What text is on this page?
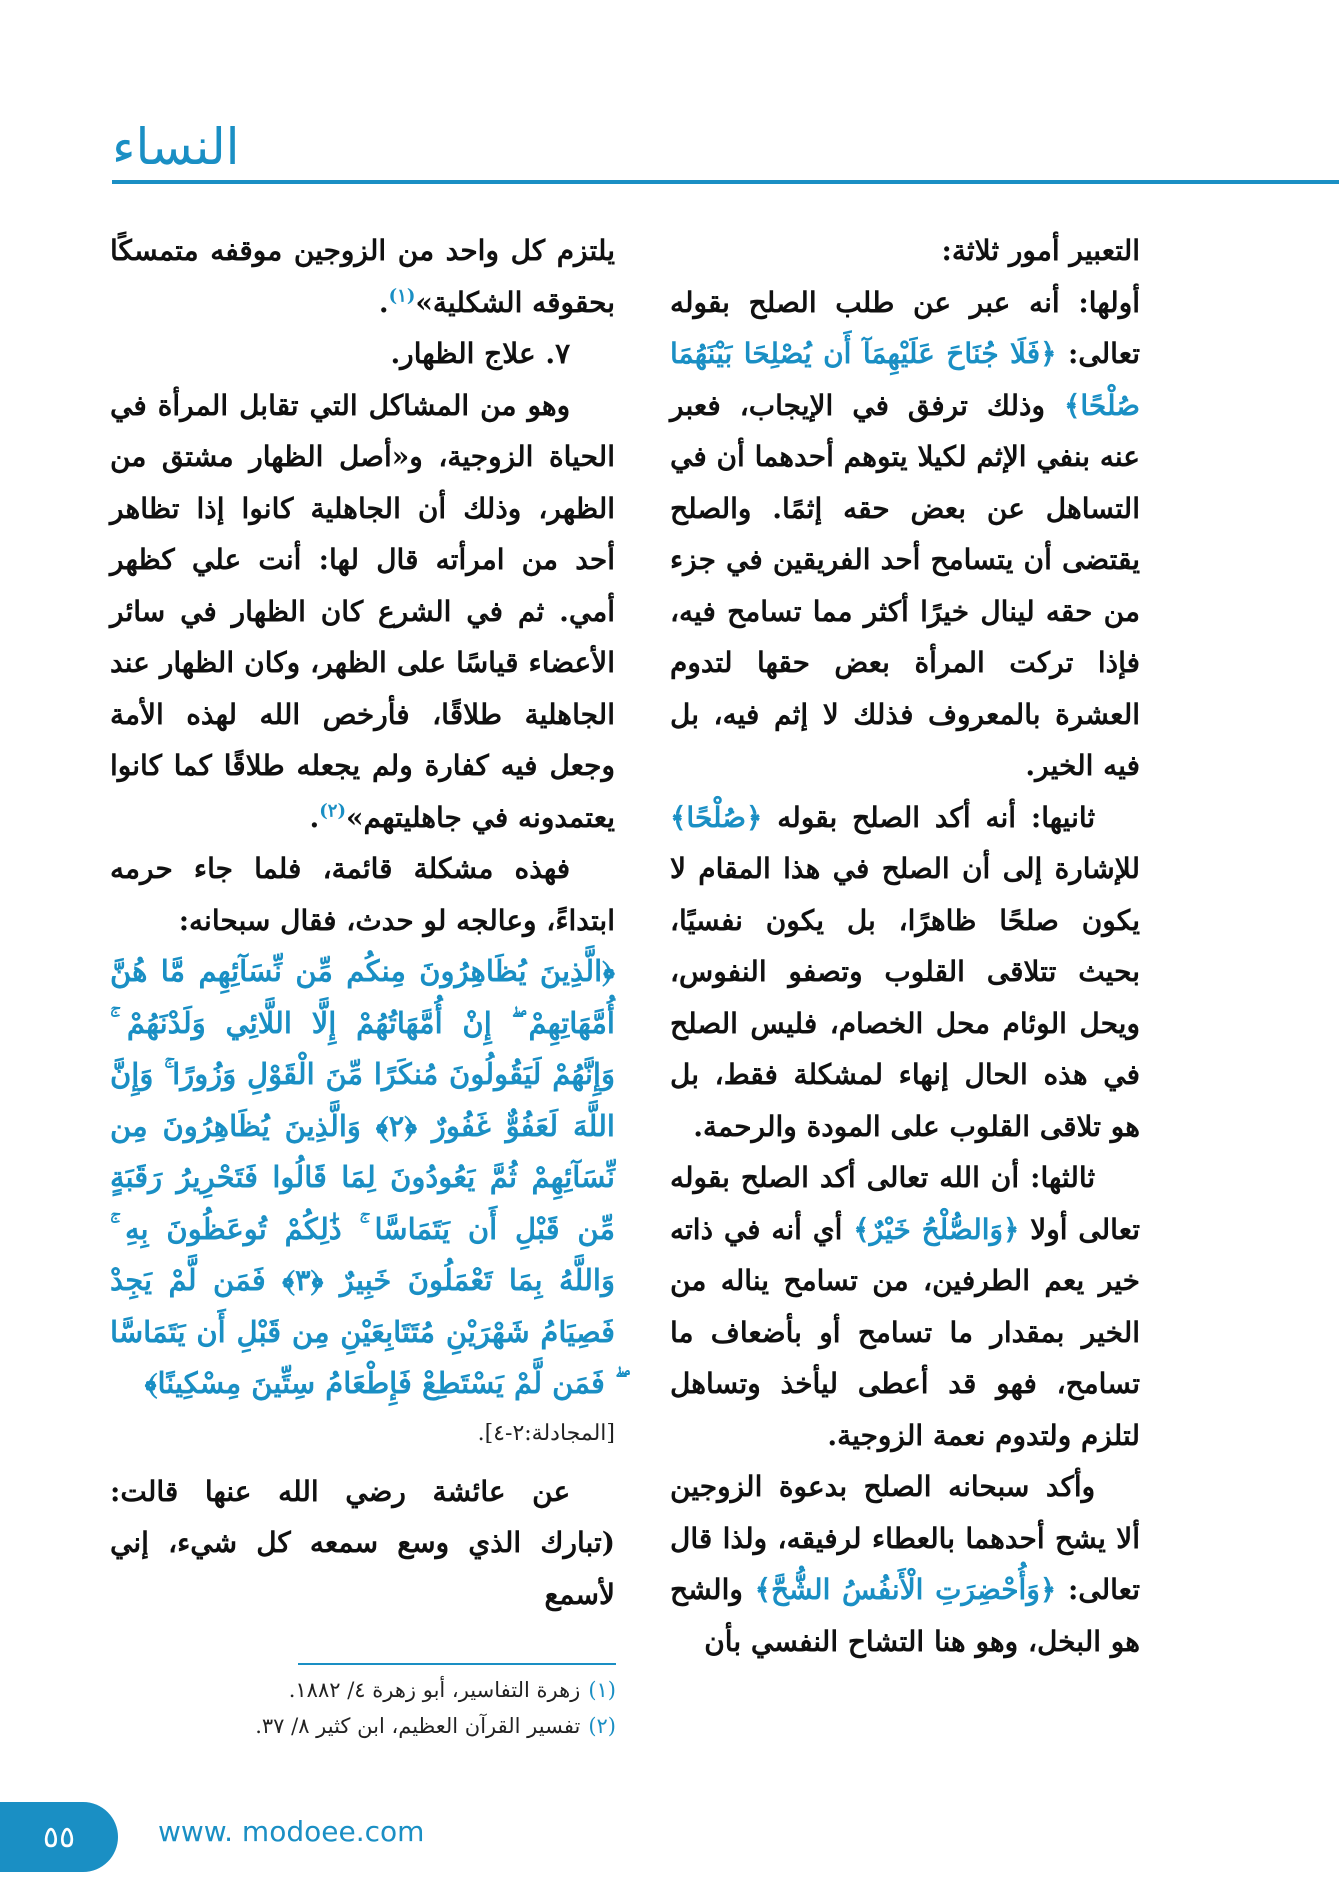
النساء

التعبير أمور ثلاثة:

أولها: أنه عبر عن طلب الصلح بقوله تعالى: ﴿فَلَا جُنَاحَ عَلَيْهِمَآ أَن يُصْلِحَا بَيْنَهُمَا صُلْحًا﴾ وذلك ترفق في الإيجاب، فعبر عنه بنفي الإثم لكيلا يتوهم أحدهما أن في التساهل عن بعض حقه إثمًا. والصلح يقتضى أن يتسامح أحد الفريقين في جزء من حقه لينال خيرًا أكثر مما تسامح فيه، فإذا تركت المرأة بعض حقها لتدوم العشرة بالمعروف فذلك لا إثم فيه، بل فيه الخير.

ثانيها: أنه أكد الصلح بقوله ﴿صُلْحًا﴾ للإشارة إلى أن الصلح في هذا المقام لا يكون صلحًا ظاهرًا، بل يكون نفسيًا، بحيث تتلاقى القلوب وتصفو النفوس، ويحل الوئام محل الخصام، فليس الصلح في هذه الحال إنهاء لمشكلة فقط، بل هو تلاقى القلوب على المودة والرحمة.

ثالثها: أن الله تعالى أكد الصلح بقوله تعالى أولا ﴿وَالصُّلْحُ خَيْرٌ﴾ أي أنه في ذاته خير يعم الطرفين، من تسامح يناله من الخير بمقدار ما تسامح أو بأضعاف ما تسامح، فهو قد أعطى ليأخذ وتساهل لتلزم ولتدوم نعمة الزوجية.

وأكد سبحانه الصلح بدعوة الزوجين ألا يشح أحدهما بالعطاء لرفيقه، ولذا قال تعالى: ﴿وَأُحْضِرَتِ الْأَنفُسُ الشُّحَّ﴾ والشح هو البخل، وهو هنا التشاح النفسي بأن

يلتزم كل واحد من الزوجين موقفه متمسكًا بحقوقه الشكلية»$^{(١)}$.

٧. علاج الظهار.

وهو من المشاكل التي تقابل المرأة في الحياة الزوجية، و«أصل الظهار مشتق من الظهر، وذلك أن الجاهلية كانوا إذا تظاهر أحد من امرأته قال لها: أنت علي كظهر أمي. ثم في الشرع كان الظهار في سائر الأعضاء قياسًا على الظهر، وكان الظهار عند الجاهلية طلاقًا، فأرخص الله لهذه الأمة وجعل فيه كفارة ولم يجعله طلاقًا كما كانوا يعتمدونه في جاهليتهم»$^{(٢)}$.

فهذه مشكلة قائمة، فلما جاء حرمه ابتداءً، وعالجه لو حدث، فقال سبحانه:

﴿الَّذِينَ يُظَاهِرُونَ مِنكُم مِّن نِّسَآئِهِم مَّا هُنَّ أُمَّهَاتِهِمْ ۖ إِنْ أُمَّهَاتُهُمْ إِلَّا اللَّائِي وَلَدْنَهُمْ ۚ وَإِنَّهُمْ لَيَقُولُونَ مُنكَرًا مِّنَ الْقَوْلِ وَزُورًا ۚ وَإِنَّ اللَّهَ لَعَفُوٌّ غَفُورٌ ﴿٢﴾ وَالَّذِينَ يُظَاهِرُونَ مِن نِّسَآئِهِمْ ثُمَّ يَعُودُونَ لِمَا قَالُوا فَتَحْرِيرُ رَقَبَةٍ مِّن قَبْلِ أَن يَتَمَاسَّا ۚ ذَٰلِكُمْ تُوعَظُونَ بِهِ ۚ وَاللَّهُ بِمَا تَعْمَلُونَ خَبِيرٌ ﴿٣﴾ فَمَن لَّمْ يَجِدْ فَصِيَامُ شَهْرَيْنِ مُتَتَابِعَيْنِ مِن قَبْلِ أَن يَتَمَاسَّا ۖ فَمَن لَّمْ يَسْتَطِعْ فَإِطْعَامُ سِتِّينَ مِسْكِينًا﴾

[المجادلة:٢-٤].

عن عائشة رضي الله عنها قالت: (تبارك الذي وسع سمعه كل شيء، إني لأسمع

(١)زهرة التفاسير، أبو زهرة ٤/ ١٨٨٢.
(٢)تفسير القرآن العظيم، ابن كثير ٨/ ٣٧.
٥٥	www. modoee.com
